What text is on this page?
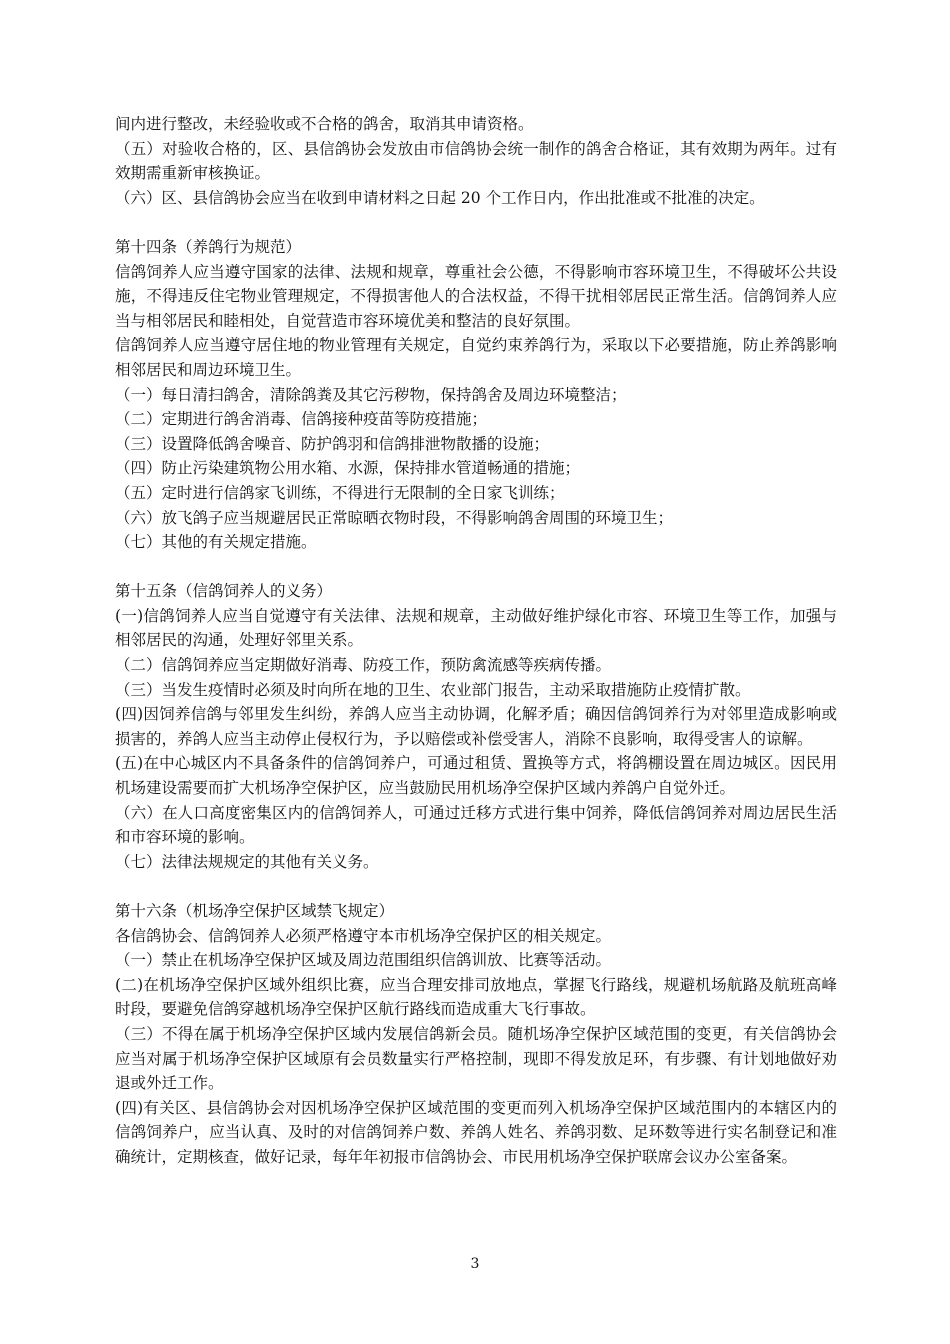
间内进行整改，未经验收或不合格的鸽舍，取消其申请资格。

（五）对验收合格的，区、县信鸽协会发放由市信鸽协会统一制作的鸽舍合格证，其有效期为两年。过有效期需重新审核换证。

（六）区、县信鸽协会应当在收到申请材料之日起 20 个工作日内，作出批准或不批准的决定。

第十四条（养鸽行为规范）

信鸽饲养人应当遵守国家的法律、法规和规章，尊重社会公德，不得影响市容环境卫生，不得破坏公共设施，不得违反住宅物业管理规定，不得损害他人的合法权益，不得干扰相邻居民正常生活。信鸽饲养人应当与相邻居民和睦相处，自觉营造市容环境优美和整洁的良好氛围。

信鸽饲养人应当遵守居住地的物业管理有关规定，自觉约束养鸽行为，采取以下必要措施，防止养鸽影响相邻居民和周边环境卫生。

（一）每日清扫鸽舍，清除鸽粪及其它污秽物，保持鸽舍及周边环境整洁；

（二）定期进行鸽舍消毒、信鸽接种疫苗等防疫措施；

（三）设置降低鸽舍噪音、防护鸽羽和信鸽排泄物散播的设施；

（四）防止污染建筑物公用水箱、水源，保持排水管道畅通的措施；

（五）定时进行信鸽家飞训练，不得进行无限制的全日家飞训练；

（六）放飞鸽子应当规避居民正常晾晒衣物时段，不得影响鸽舍周围的环境卫生；

（七）其他的有关规定措施。

第十五条（信鸽饲养人的义务）

(一)信鸽饲养人应当自觉遵守有关法律、法规和规章，主动做好维护绿化市容、环境卫生等工作，加强与相邻居民的沟通，处理好邻里关系。

（二）信鸽饲养应当定期做好消毒、防疫工作，预防禽流感等疾病传播。

（三）当发生疫情时必须及时向所在地的卫生、农业部门报告，主动采取措施防止疫情扩散。

(四)因饲养信鸽与邻里发生纠纷，养鸽人应当主动协调，化解矛盾；确因信鸽饲养行为对邻里造成影响或损害的，养鸽人应当主动停止侵权行为，予以赔偿或补偿受害人，消除不良影响，取得受害人的谅解。

(五)在中心城区内不具备条件的信鸽饲养户，可通过租赁、置换等方式，将鸽棚设置在周边城区。因民用机场建设需要而扩大机场净空保护区，应当鼓励民用机场净空保护区域内养鸽户自觉外迁。

（六）在人口高度密集区内的信鸽饲养人，可通过迁移方式进行集中饲养，降低信鸽饲养对周边居民生活和市容环境的影响。

（七）法律法规规定的其他有关义务。

第十六条（机场净空保护区域禁飞规定）

各信鸽协会、信鸽饲养人必须严格遵守本市机场净空保护区的相关规定。

（一）禁止在机场净空保护区域及周边范围组织信鸽训放、比赛等活动。

(二)在机场净空保护区域外组织比赛，应当合理安排司放地点，掌握飞行路线，规避机场航路及航班高峰时段，要避免信鸽穿越机场净空保护区航行路线而造成重大飞行事故。

（三）不得在属于机场净空保护区域内发展信鸽新会员。随机场净空保护区域范围的变更，有关信鸽协会应当对属于机场净空保护区域原有会员数量实行严格控制，现即不得发放足环，有步骤、有计划地做好劝退或外迁工作。

(四)有关区、县信鸽协会对因机场净空保护区域范围的变更而列入机场净空保护区域范围内的本辖区内的信鸽饲养户，应当认真、及时的对信鸽饲养户数、养鸽人姓名、养鸽羽数、足环数等进行实名制登记和准确统计，定期核查，做好记录，每年年初报市信鸽协会、市民用机场净空保护联席会议办公室备案。

3
